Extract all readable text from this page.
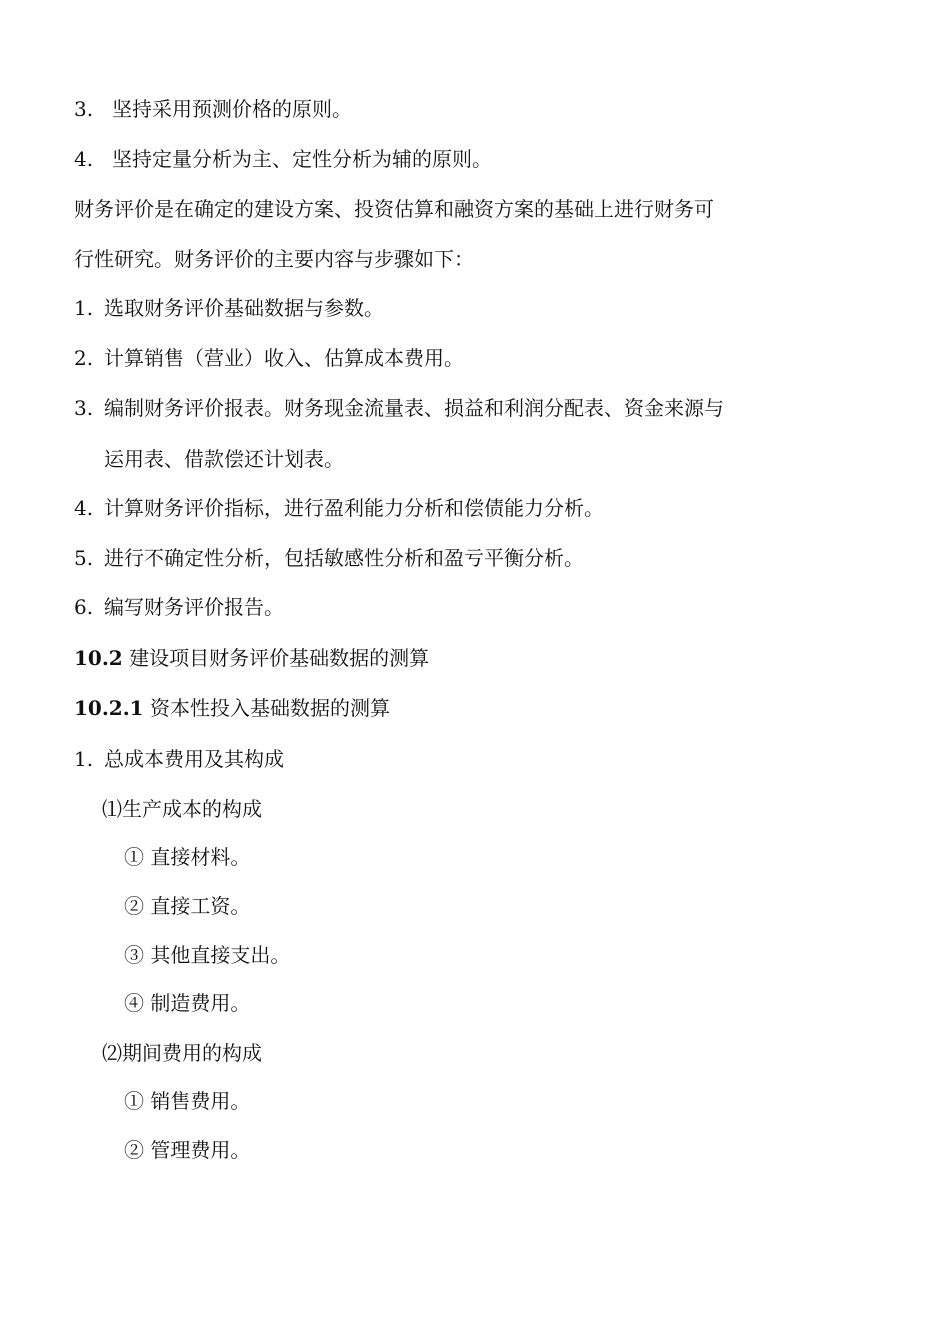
3. 坚持采用预测价格的原则。
4. 坚持定量分析为主、定性分析为辅的原则。
财务评价是在确定的建设方案、投资估算和融资方案的基础上进行财务可
行性研究。财务评价的主要内容与步骤如下：
1. 选取财务评价基础数据与参数。
2. 计算销售（营业）收入、估算成本费用。
3. 编制财务评价报表。财务现金流量表、损益和利润分配表、资金来源与
运用表、借款偿还计划表。
4. 计算财务评价指标，进行盈利能力分析和偿债能力分析。
5. 进行不确定性分析，包括敏感性分析和盈亏平衡分析。
6. 编写财务评价报告。
10.2 建设项目财务评价基础数据的测算
10.2.1 资本性投入基础数据的测算
1. 总成本费用及其构成
⑴生产成本的构成
① 直接材料。
② 直接工资。
③ 其他直接支出。
④ 制造费用。
⑵期间费用的构成
① 销售费用。
② 管理费用。
